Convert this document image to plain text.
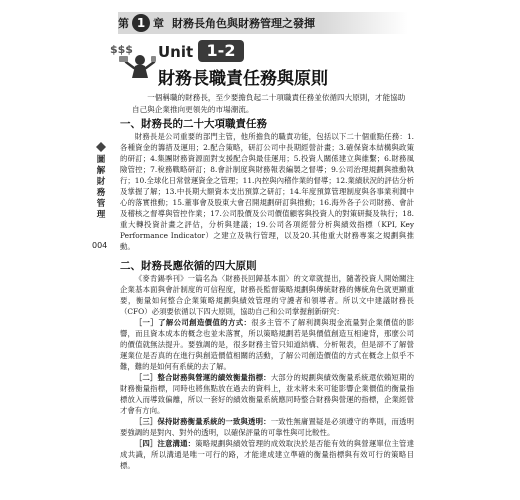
第 1 章 財務長角色與財務管理之發揮
$$$ Unit 1-2
財務長職責任務與原則

一個稱職的財務長，至少要擔負起二十項職責任務並依循四大原則，才能協助自己與企業推向更領先的市場潮流。

圖
解
財
務
管
理
004
一、財務長的二十大項職責任務

財務長是公司重要的部門主管，他所擔負的職責功能，包括以下二十個重點任務：1.各種資金的籌措及運用；2.配合策略，研訂公司中長期經營計畫；3.確保資本結構與政策的研訂；4.集團財務資源面對支援配合與最佳運用；5.投資人關係建立與維繫；6.財務風險管控；7.稅務戰略研訂；8.會計制度與財務報表編製之督導；9.公司治理規劃與推動執行；10.全球化日常營運資金之管理；11.內控與內稽作業的督導；12.業績狀況的評估分析及掌握了解；13.中長期大額資本支出預算之研訂；14.年度預算管理制度與各事業利潤中心的落實推動；15.董事會及股東大會召開規劃研訂與推動；16.海外各子公司財務、會計及稽核之督導與管控作業；17.公司股價及公司價值顧客與投資人的對策研擬及執行；18.重大轉投資計畫之評估，分析與建議；19.公司各項經營分析與績效指標（KPI, Key Performance Indicator）之建立及執行管理，以及20.其他重大財務專案之規劃與推動。

二、財務長應依循的四大原則

《麥肯錫季刊》一篇名為〈財務長回歸基本面〉的文章就提出，隨著投資人開始關注企業基本面與會計制度的可信程度，財務長監督策略規劃與傳統財務的傳統角色就更顯重要，衡量如何整合企業策略規劃與績效管理的守護者和領導者。所以文中建議財務長（CFO）必須要依循以下四大原則，協助自己和公司掌握創新研究：

［一］了解公司創造價值的方式：很多主管不了解利潤與現金流量對企業價值的影響，而且資本成本的概念也並未落實，所以策略規劃若是與價值創造互相違背，那麼公司的價值就無法提升。要強調的是，很多財務主管只知道結構、分析報表，但是卻不了解營運業位是否真的在進行與創造價值相關的活動，了解公司創造價值的方式在概念上似乎不難，難的是如何有系統的去了解。

［二］整合財務與營運的績效衡量指標：大部分的規劃與績效衡量系統還依賴短期的財務衡量指標，同時也將焦點放在過去的資料上，並未將未來可能影響企業價值的衡量指標放入而導致偏離，所以一套好的績效衡量系統應同時整合財務與營運的指標，企業經營才會有方向。

［三］保持財務衡量系統的一致與透明：一致性無庸置疑是必須遵守的準則，而透明要強調的是對內、對外的透明，以確保評量的可靠性與可比較性。

［四］注意溝通：策略規劃與績效管理的成效取決於是否能有效的與營運單位主管達成共識，所以溝通是唯一可行的路，才能達成建立準確的衡量指標與有效可行的策略目標。
